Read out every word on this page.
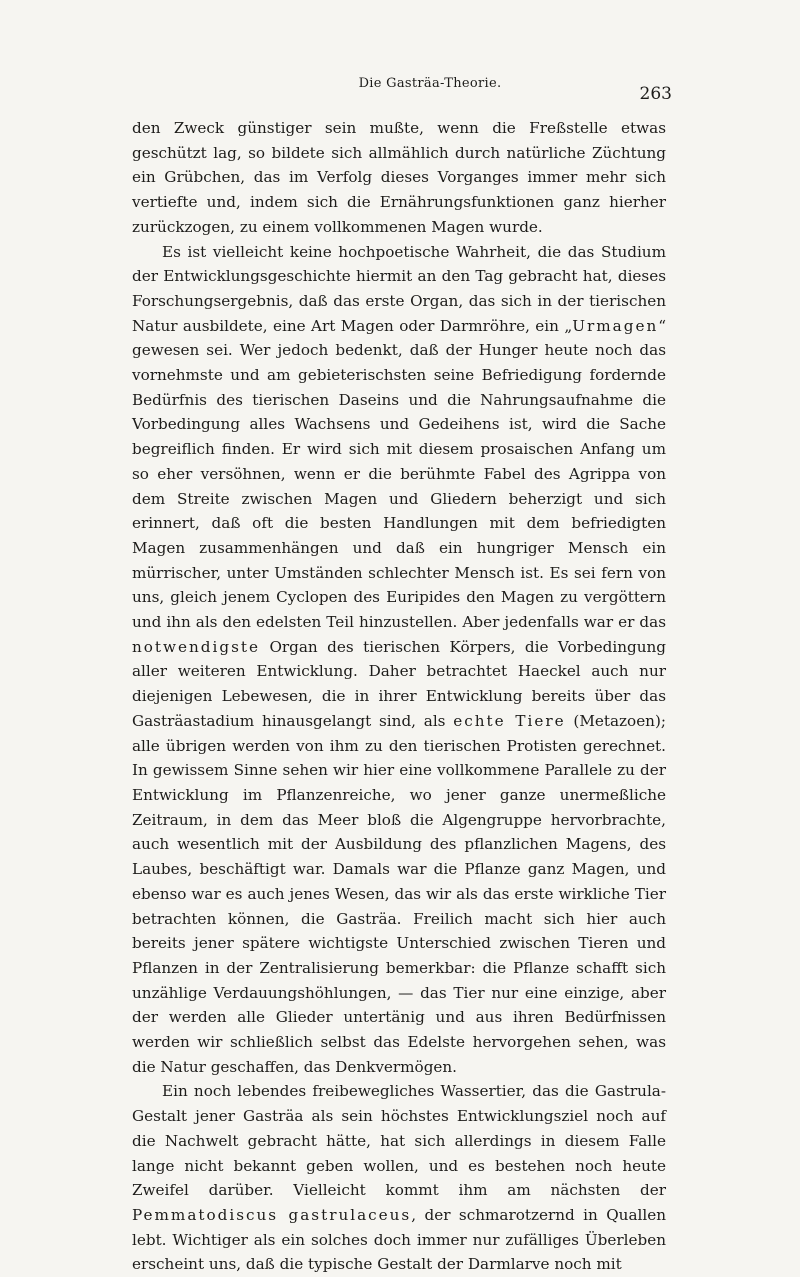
Die Gasträa-Theorie.
263

den Zweck günstiger sein mußte, wenn die Freßstelle etwas geschützt lag, so bildete sich allmählich durch natürliche Züchtung ein Grübchen, das im Verfolg dieses Vorganges immer mehr sich vertiefte und, indem sich die Ernährungsfunktionen ganz hierher zurückzogen, zu einem vollkommenen Magen wurde.

Es ist vielleicht keine hochpoetische Wahrheit, die das Studium der Entwicklungsgeschichte hiermit an den Tag gebracht hat, dieses Forschungsergebnis, daß das erste Organ, das sich in der tierischen Natur ausbildete, eine Art Magen oder Darmröhre, ein „Urmagen“ gewesen sei. Wer jedoch bedenkt, daß der Hunger heute noch das vornehmste und am gebieterischsten seine Befriedigung fordernde Bedürfnis des tierischen Daseins und die Nahrungsaufnahme die Vorbedingung alles Wachsens und Gedeihens ist, wird die Sache begreiflich finden. Er wird sich mit diesem prosaischen Anfang um so eher versöhnen, wenn er die berühmte Fabel des Agrippa von dem Streite zwischen Magen und Gliedern beherzigt und sich erinnert, daß oft die besten Handlungen mit dem befriedigten Magen zusammenhängen und daß ein hungriger Mensch ein mürrischer, unter Umständen schlechter Mensch ist. Es sei fern von uns, gleich jenem Cyclopen des Euripides den Magen zu vergöttern und ihn als den edelsten Teil hinzustellen. Aber jedenfalls war er das notwendigste Organ des tierischen Körpers, die Vorbedingung aller weiteren Entwicklung. Daher betrachtet Haeckel auch nur diejenigen Lebewesen, die in ihrer Entwicklung bereits über das Gasträastadium hinausgelangt sind, als echte Tiere (Metazoen); alle übrigen werden von ihm zu den tierischen Protisten gerechnet. In gewissem Sinne sehen wir hier eine vollkommene Parallele zu der Entwicklung im Pflanzenreiche, wo jener ganze unermeßliche Zeitraum, in dem das Meer bloß die Algengruppe hervorbrachte, auch wesentlich mit der Ausbildung des pflanzlichen Magens, des Laubes, beschäftigt war. Damals war die Pflanze ganz Magen, und ebenso war es auch jenes Wesen, das wir als das erste wirkliche Tier betrachten können, die Gasträa. Freilich macht sich hier auch bereits jener spätere wichtigste Unterschied zwischen Tieren und Pflanzen in der Zentralisierung bemerkbar: die Pflanze schafft sich unzählige Verdauungshöhlungen, — das Tier nur eine einzige, aber der werden alle Glieder untertänig und aus ihren Bedürfnissen werden wir schließlich selbst das Edelste hervorgehen sehen, was die Natur geschaffen, das Denkvermögen.

Ein noch lebendes freibewegliches Wassertier, das die Gastrula-Gestalt jener Gasträa als sein höchstes Entwicklungsziel noch auf die Nachwelt gebracht hätte, hat sich allerdings in diesem Falle lange nicht bekannt geben wollen, und es bestehen noch heute Zweifel darüber. Vielleicht kommt ihm am nächsten der Pemmatodiscus gastrulaceus, der schmarotzernd in Quallen lebt. Wichtiger als ein solches doch immer nur zufälliges Überleben erscheint uns, daß die typische Gestalt der Darmlarve noch mit
